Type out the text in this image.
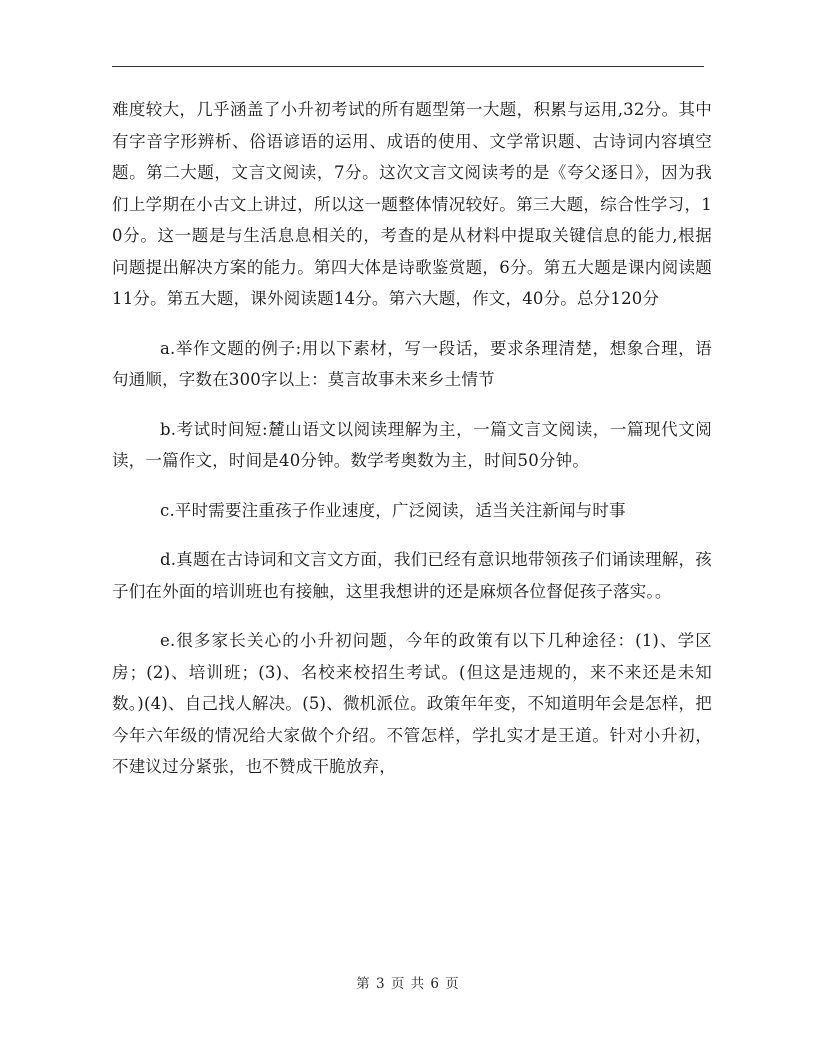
难度较大，几乎涵盖了小升初考试的所有题型第一大题，积累与运用,32分。其中有字音字形辨析、俗语谚语的运用、成语的使用、文学常识题、古诗词内容填空题。第二大题，文言文阅读，7分。这次文言文阅读考的是《夸父逐日》，因为我们上学期在小古文上讲过，所以这一题整体情况较好。第三大题，综合性学习，10分。这一题是与生活息息相关的，考查的是从材料中提取关键信息的能力,根据问题提出解决方案的能力。第四大体是诗歌鉴赏题，6分。第五大题是课内阅读题11分。第五大题，课外阅读题14分。第六大题，作文，40分。总分120分

a.举作文题的例子:用以下素材，写一段话，要求条理清楚，想象合理，语句通顺，字数在300字以上：莫言故事未来乡土情节

b.考试时间短:麓山语文以阅读理解为主，一篇文言文阅读，一篇现代文阅读，一篇作文，时间是40分钟。数学考奥数为主，时间50分钟。

c.平时需要注重孩子作业速度，广泛阅读，适当关注新闻与时事

d.真题在古诗词和文言文方面，我们已经有意识地带领孩子们诵读理解，孩子们在外面的培训班也有接触，这里我想讲的还是麻烦各位督促孩子落实。。

e.很多家长关心的小升初问题，今年的政策有以下几种途径：(1)、学区房；(2)、培训班；(3)、名校来校招生考试。(但这是违规的，来不来还是未知数。)(4)、自己找人解决。(5)、微机派位。政策年年变，不知道明年会是怎样，把今年六年级的情况给大家做个介绍。不管怎样，学扎实才是王道。针对小升初，不建议过分紧张，也不赞成干脆放弃，

第 3 页 共 6 页
